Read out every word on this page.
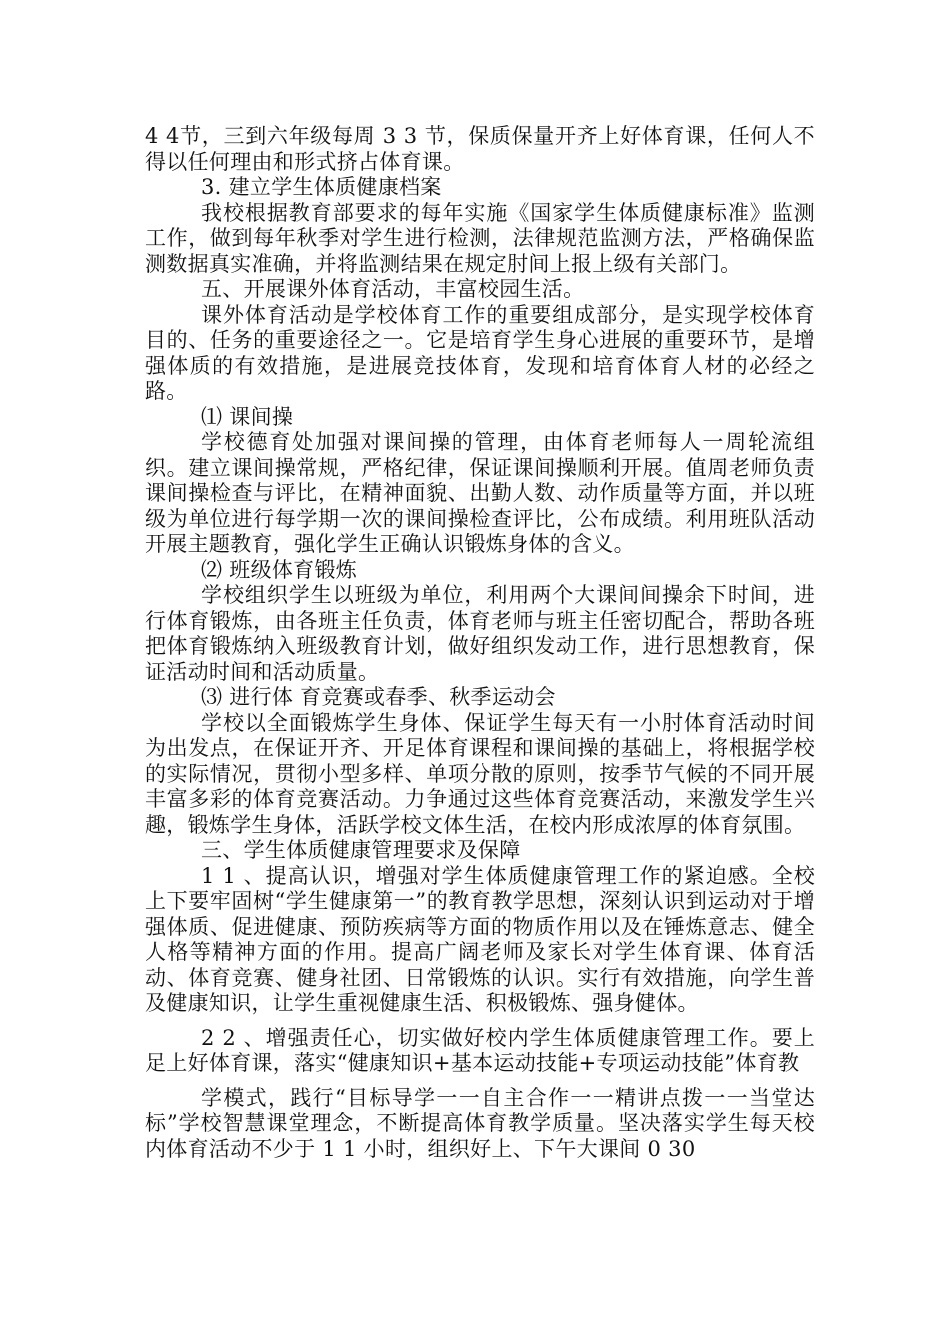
4 4节，三到六年级每周 3 3 节，保质保量开齐上好体育课，任何人不得以任何理由和形式挤占体育课。

3. 建立学生体质健康档案

我校根据教育部要求的每年实施《国家学生体质健康标准》监测工作，做到每年秋季对学生进行检测，法律规范监测方法，严格确保监测数据真实准确，并将监测结果在规定肘间上报上级有关部门。

五、开展课外体育活动，丰富校园生活。

课外体育活动是学校体育工作的重要组成部分，是实现学校体育目的、任务的重要途径之一。它是培育学生身心进展的重要环节，是增强体质的有效措施，是进展竞技体育，发现和培育体育人材的必经之路。

⑴ 课间操

学校德育处加强对课间操的管理，由体育老师每人一周轮流组织。建立课间操常规，严格纪律，保证课间操顺利开展。值周老师负责课间操检查与评比，在精神面貌、出勤人数、动作质量等方面，并以班级为单位进行每学期一次的课间操检查评比，公布成绩。利用班队活动开展主题教育，强化学生正确认识锻炼身体的含义。

⑵ 班级体育锻炼

学校组织学生以班级为单位，利用两个大课间间操余下时间，进行体育锻炼，由各班主任负责，体育老师与班主任密切配合，帮助各班把体育锻炼纳入班级教育计划，做好组织发动工作，进行思想教育，保证活动时间和活动质量。

⑶ 进行体 育竞赛或春季、秋季运动会

学校以全面锻炼学生身体、保证学生每天有一小肘体育活动时间为出发点，在保证开齐、开足体育课程和课间操的基础上，将根据学校的实际情况，贯彻小型多样、单项分散的原则，按季节气候的不同开展丰富多彩的体育竞赛活动。力争通过这些体育竞赛活动，来激发学生兴趣，锻炼学生身体，活跃学校文体生活，在校内形成浓厚的体育氛围。

三、学生体质健康管理要求及保障

1 1 、提高认识，增强对学生体质健康管理工作的紧迫感。全校上下要牢固树“学生健康第一”的教育教学思想，深刻认识到运动对于增强体质、促进健康、预防疾病等方面的物质作用以及在锤炼意志、健全人格等精神方面的作用。提高广阔老师及家长对学生体育课、体育活动、体育竞赛、健身社团、日常锻炼的认识。实行有效措施，向学生普及健康知识，让学生重视健康生活、积极锻炼、强身健体。

2 2 、增强责任心，切实做好校内学生体质健康管理工作。要上足上好体育课，落实“健康知识+基本运动技能+专项运动技能”体育教

学模式，践行“目标导学一一自主合作一一精讲点拨一一当堂达标”学校智慧课堂理念，不断提高体育教学质量。坚决落实学生每天校内体育活动不少于 1 1 小时，组织好上、下午大课间 0 30
